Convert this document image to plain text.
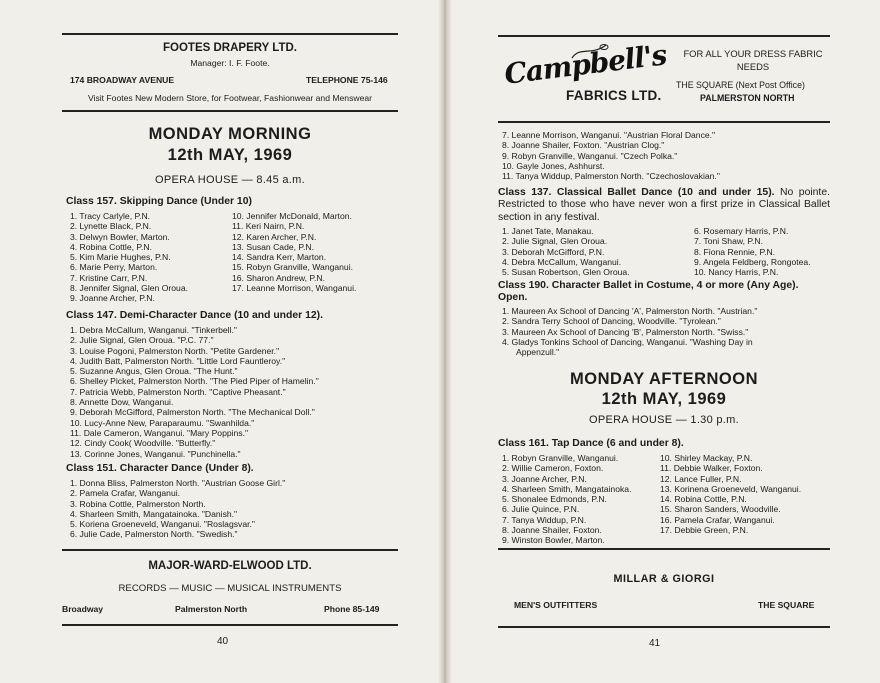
FOOTES DRAPERY LTD.
Manager: I. F. Foote.
174 BROADWAY AVENUE	TELEPHONE 75-146
Visit Footes New Modern Store, for Footwear, Fashionwear and Menswear
MONDAY MORNING
12th MAY, 1969
OPERA HOUSE — 8.45 a.m.
Class 157. Skipping Dance (Under 10)
1. Tracy Carlyle, P.N.
2. Lynette Black, P.N.
3. Delwyn Bowler, Marton.
4. Robina Cottle, P.N.
5. Kim Marie Hughes, P.N.
6. Marie Perry, Marton.
7. Kristine Carr, P.N.
8. Jennifer Signal, Glen Oroua.
9. Joanne Archer, P.N.
10. Jennifer McDonald, Marton.
11. Keri Nairn, P.N.
12. Karen Archer, P.N.
13. Susan Cade, P.N.
14. Sandra Kerr, Marton.
15. Robyn Granville, Wanganui.
16. Sharon Andrew, P.N.
17. Leanne Morrison, Wanganui.
Class 147. Demi-Character Dance (10 and under 12).
1. Debra McCallum, Wanganui. "Tinkerbell."
2. Julie Signal, Glen Oroua. "P.C. 77."
3. Louise Pogoni, Palmerston North. "Petite Gardener."
4. Judith Batt, Palmerston North. "Little Lord Fauntleroy."
5. Suzanne Angus, Glen Oroua. "The Hunt."
6. Shelley Picket, Palmerston North. "The Pied Piper of Hamelin."
7. Patricia Webb, Palmerston North. "Captive Pheasant."
8. Annette Dow, Wanganui.
9. Deborah McGifford, Palmerston North. "The Mechanical Doll."
10. Lucy-Anne New, Paraparaumu. "Swanhilda."
11. Dale Cameron, Wanganui. "Mary Poppins."
12. Cindy Cook( Woodville. "Butterfly."
13. Corinne Jones, Wanganui. "Punchinella."
Class 151. Character Dance (Under 8).
1. Donna Bliss, Palmerston North. "Austrian Goose Girl."
2. Pamela Crafar, Wanganui.
3. Robina Cottle, Palmerston North.
4. Sharleen Smith, Mangatainoka. "Danish."
5. Koriena Groeneveld, Wanganui. "Roslagsvar."
6. Julie Cade, Palmerston North. "Swedish."
MAJOR-WARD-ELWOOD LTD.
RECORDS — MUSIC — MUSICAL INSTRUMENTS
Broadway	Palmerston North	Phone 85-149
40
Campbell's
FABRICS LTD.
FOR ALL YOUR DRESS FABRIC NEEDS
THE SQUARE (Next Post Office)
PALMERSTON NORTH
7. Leanne Morrison, Wanganui. "Austrian Floral Dance."
8. Joanne Shailer, Foxton. "Austrian Clog."
9. Robyn Granville, Wanganui. "Czech Polka."
10. Gayle Jones, Ashhurst.
11. Tanya Widdup, Palmerston North. "Czechoslovakian."
Class 137. Classical Ballet Dance (10 and under 15). No pointe. Restricted to those who have never won a first prize in Classical Ballet section in any festival.
1. Janet Tate, Manakau.
2. Julie Signal, Glen Oroua.
3. Deborah McGifford, P.N.
4. Debra McCallum, Wanganui.
5. Susan Robertson, Glen Oroua.
6. Rosemary Harris, P.N.
7. Toni Shaw, P.N.
8. Fiona Rennie, P.N.
9. Angela Feldberg, Rongotea.
10. Nancy Harris, P.N.
Class 190. Character Ballet in Costume, 4 or more (Any Age). Open.
1. Maureen Ax School of Dancing 'A', Palmerston North. "Austrian."
2. Sandra Terry School of Dancing, Woodville. "Tyrolean."
3. Maureen Ax School of Dancing 'B', Palmerston North. "Swiss."
4. Gladys Tonkins School of Dancing, Wanganui. "Washing Day in
Appenzull."
MONDAY AFTERNOON
12th MAY, 1969
OPERA HOUSE — 1.30 p.m.
Class 161. Tap Dance (6 and under 8).
1. Robyn Granville, Wanganui.
2. Willie Cameron, Foxton.
3. Joanne Archer, P.N.
4. Sharleen Smith, Mangatainoka.
5. Shonalee Edmonds, P.N.
6. Julie Quince, P.N.
7. Tanya Widdup, P.N.
8. Joanne Shailer, Foxton.
9. Winston Bowler, Marton.
10. Shirley Mackay, P.N.
11. Debbie Walker, Foxton.
12. Lance Fuller, P.N.
13. Korinena Groeneveld, Wanganui.
14. Robina Cottle, P.N.
15. Sharon Sanders, Woodville.
16. Pamela Crafar, Wanganui.
17. Debbie Green, P.N.
MILLAR & GIORGI
MEN'S OUTFITTERS	THE SQUARE
41
